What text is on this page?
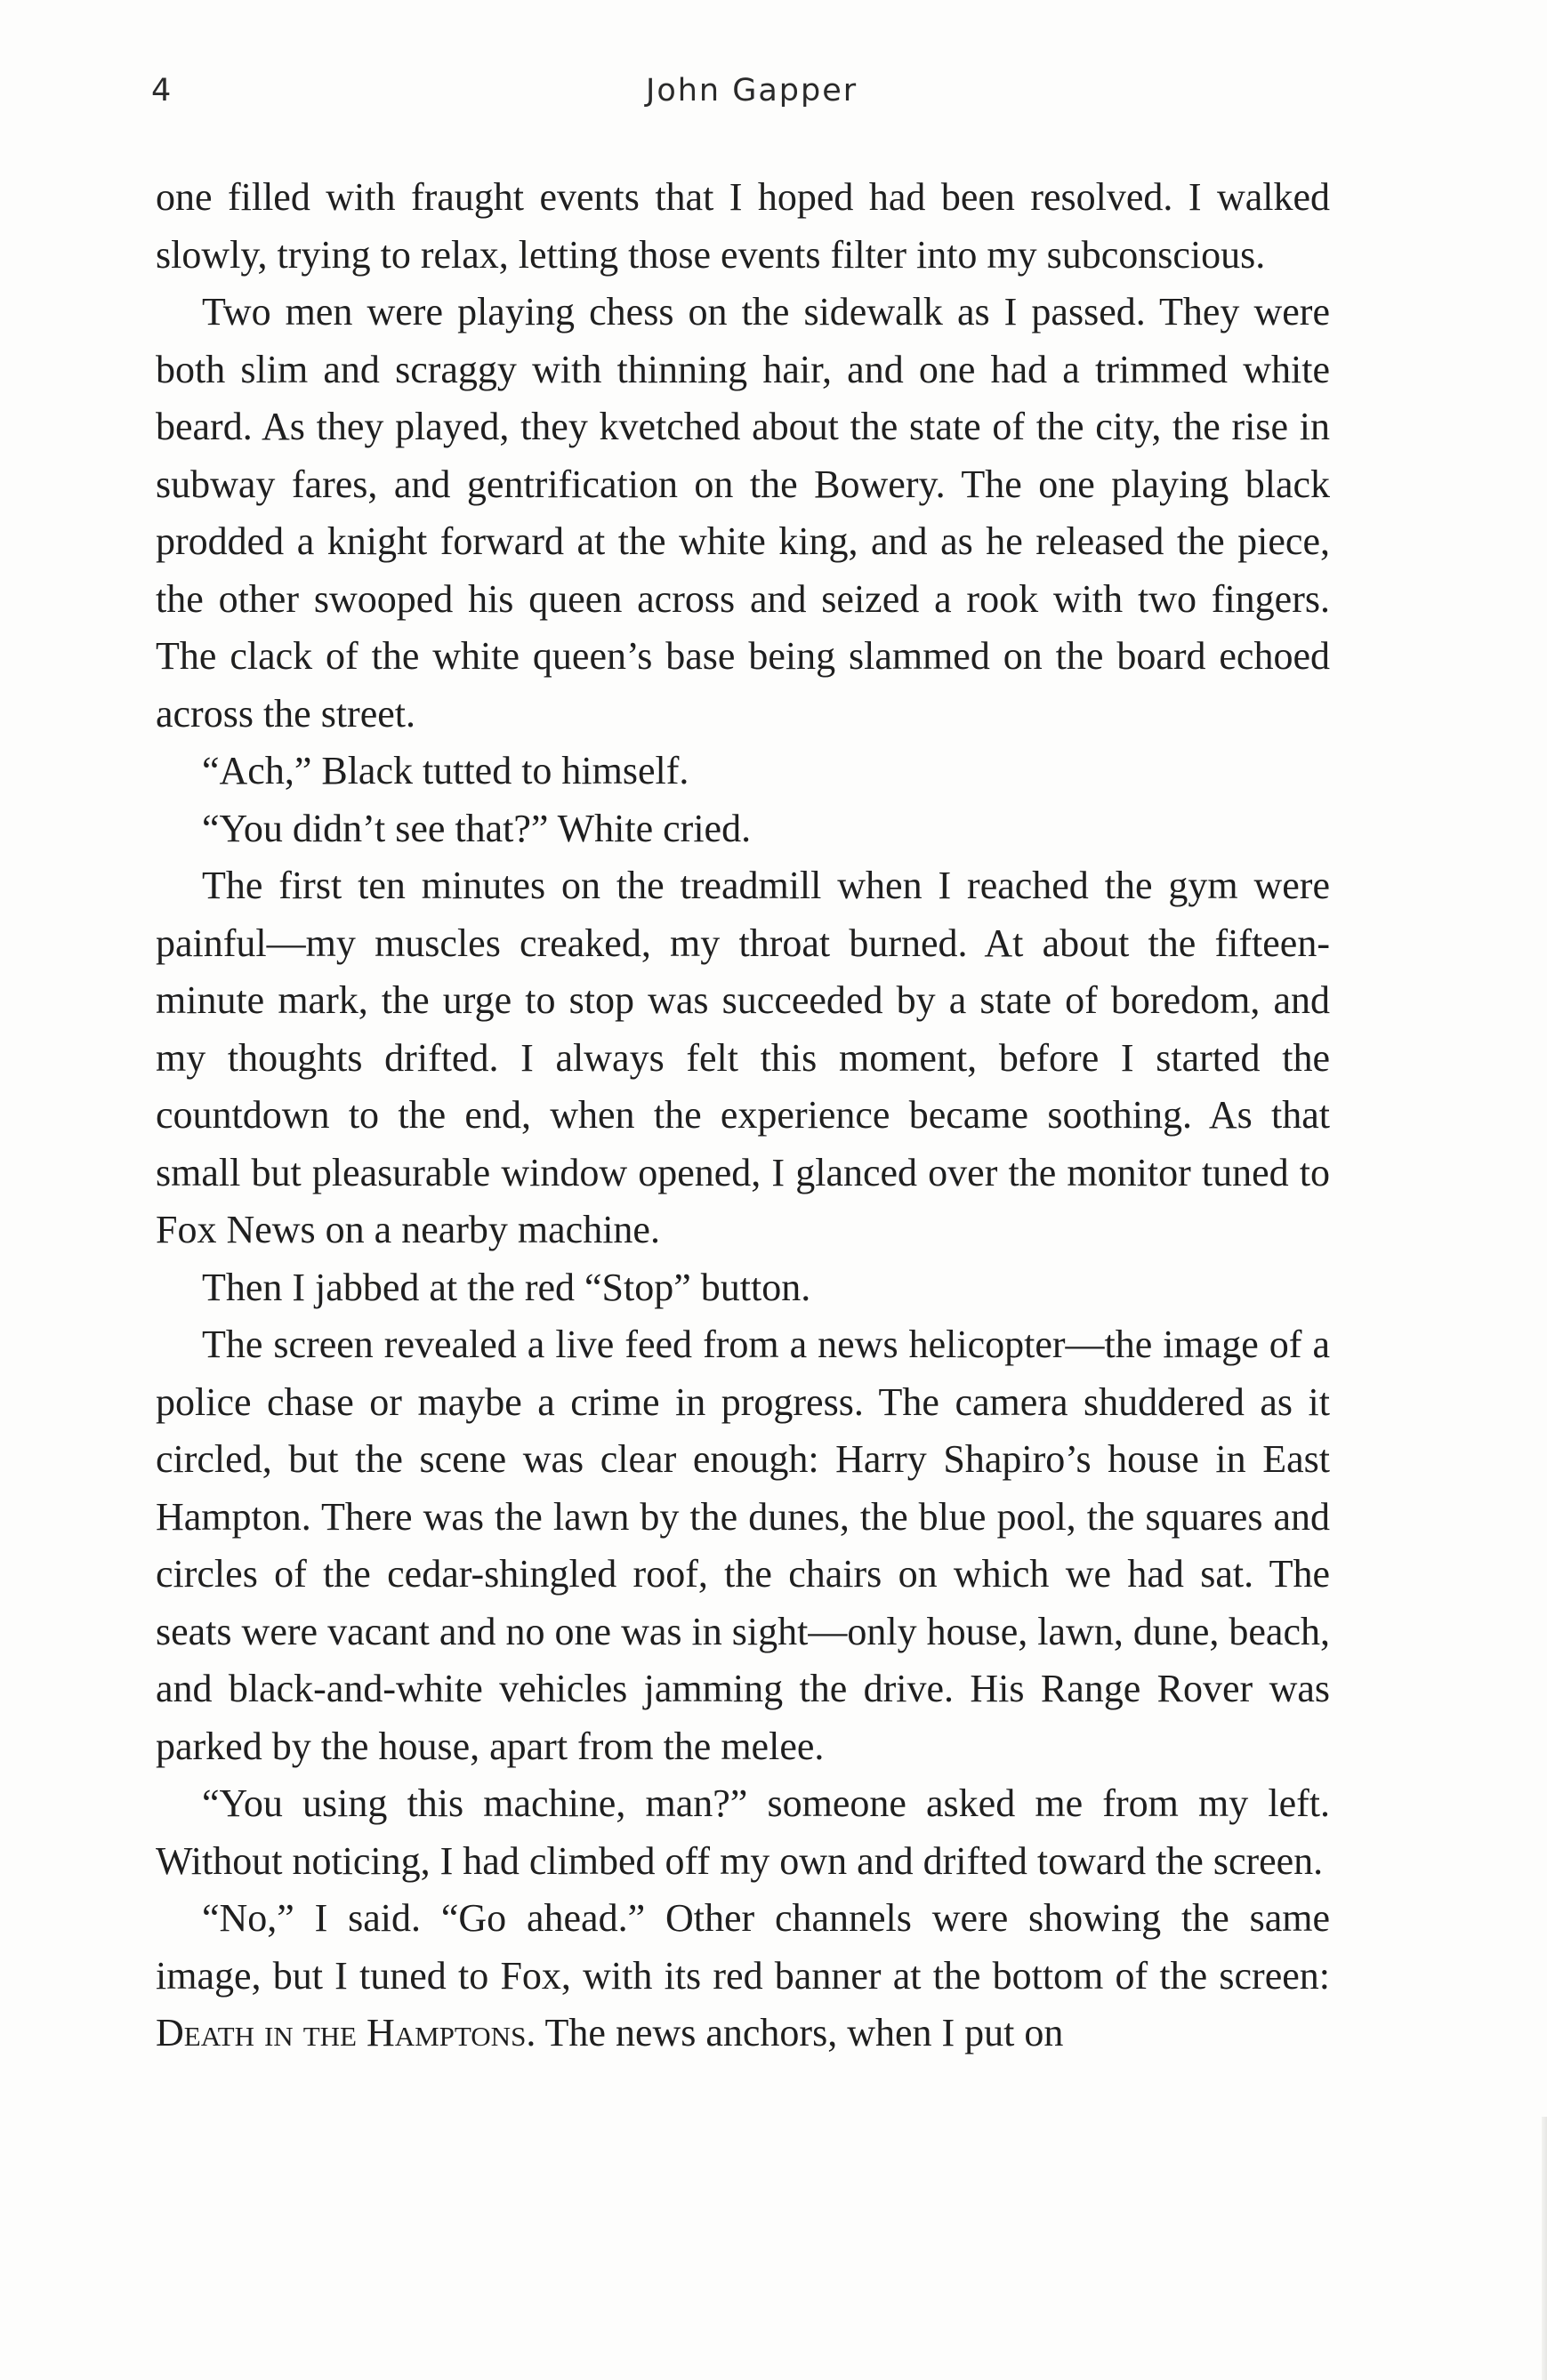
4	John Gapper

one filled with fraught events that I hoped had been resolved. I walked slowly, trying to relax, letting those events filter into my subconscious.

Two men were playing chess on the sidewalk as I passed. They were both slim and scraggy with thinning hair, and one had a trimmed white beard. As they played, they kvetched about the state of the city, the rise in subway fares, and gentrification on the Bowery. The one playing black prodded a knight forward at the white king, and as he released the piece, the other swooped his queen across and seized a rook with two fingers. The clack of the white queen’s base being slammed on the board echoed across the street.

“Ach,” Black tutted to himself.

“You didn’t see that?” White cried.

The first ten minutes on the treadmill when I reached the gym were painful—my muscles creaked, my throat burned. At about the fifteen-minute mark, the urge to stop was succeeded by a state of boredom, and my thoughts drifted. I always felt this moment, before I started the countdown to the end, when the experience became soothing. As that small but pleasurable window opened, I glanced over the monitor tuned to Fox News on a nearby machine.

Then I jabbed at the red “Stop” button.

The screen revealed a live feed from a news helicopter—the image of a police chase or maybe a crime in progress. The camera shuddered as it circled, but the scene was clear enough: Harry Shapiro’s house in East Hampton. There was the lawn by the dunes, the blue pool, the squares and circles of the cedar-shingled roof, the chairs on which we had sat. The seats were vacant and no one was in sight—only house, lawn, dune, beach, and black-and-white vehicles jamming the drive. His Range Rover was parked by the house, apart from the melee.

“You using this machine, man?” someone asked me from my left. Without noticing, I had climbed off my own and drifted toward the screen.

“No,” I said. “Go ahead.” Other channels were showing the same image, but I tuned to Fox, with its red banner at the bottom of the screen: Death in the Hamptons. The news anchors, when I put on
